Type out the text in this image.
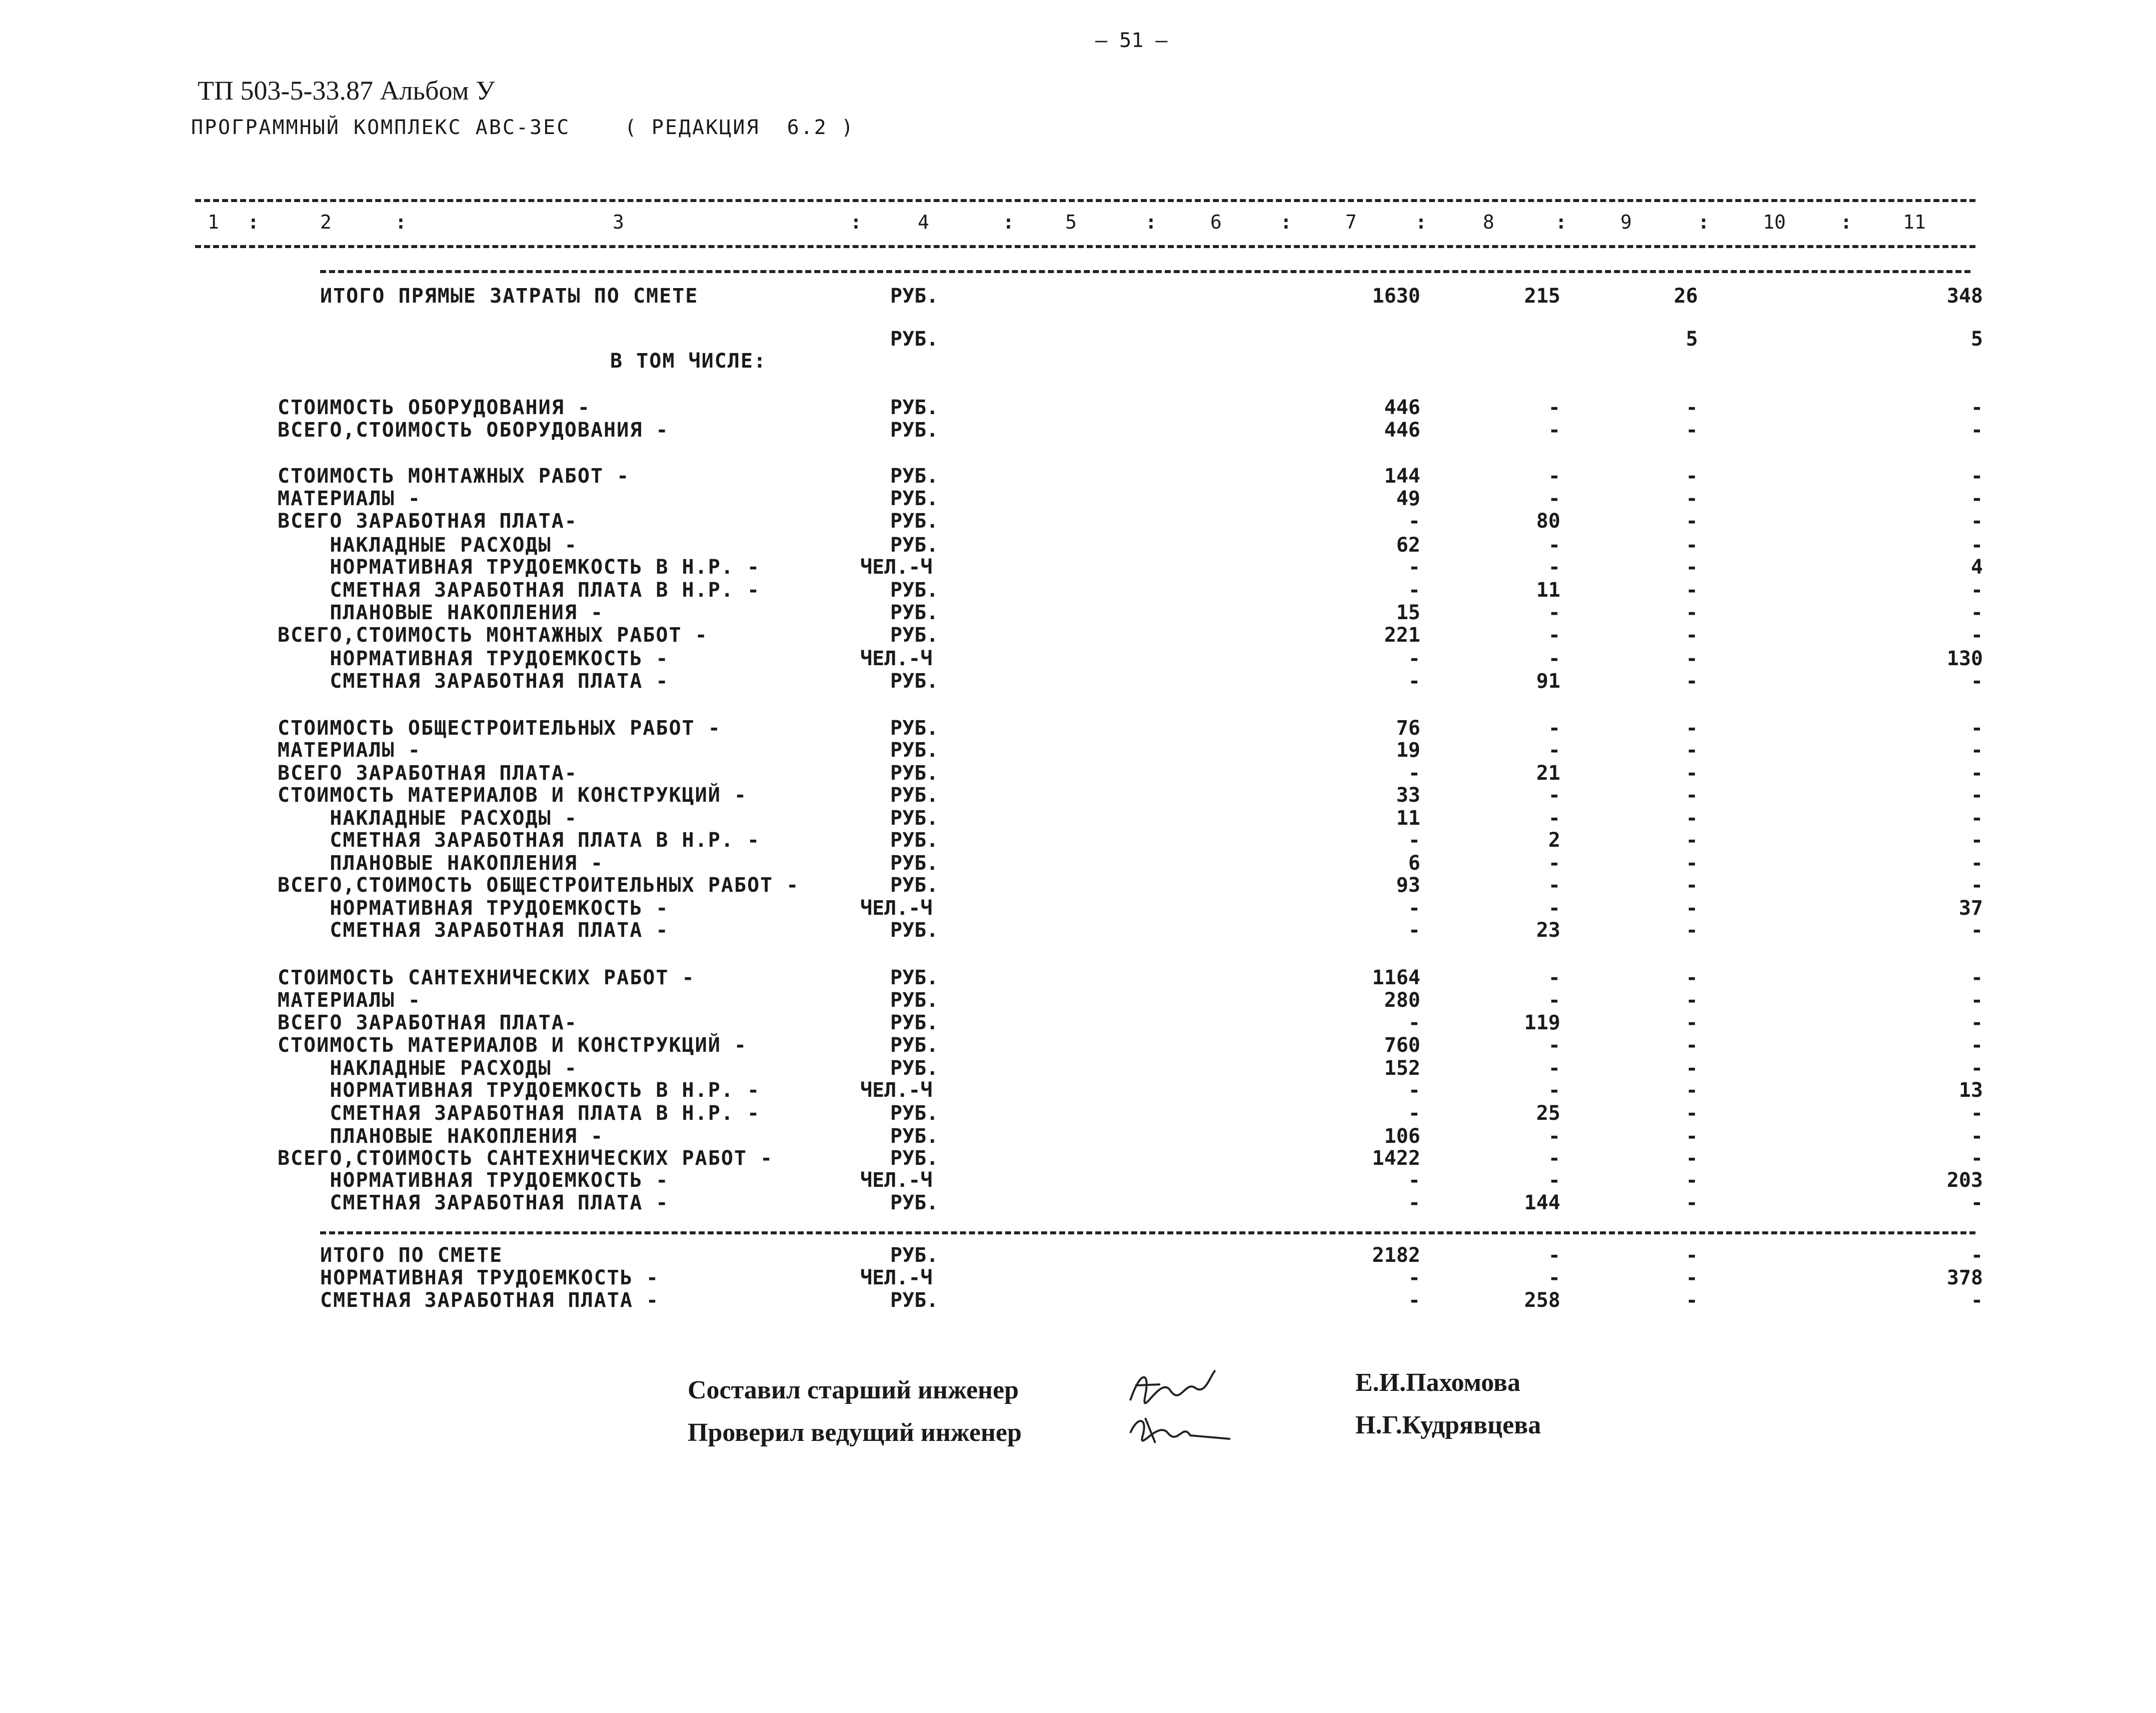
— 51 —
ТП 503-5-33.87 Альбом У
ПРОГРАММНЫЙ КОМПЛЕКС АВС-3ЕС    ( РЕДАКЦИЯ  6.2 )
1	2	3	4	5	6	7	8	9	10	11
:	:	:	:	:	:	:	:	:	:
ИТОГО ПРЯМЫЕ ЗАТРАТЫ ПО СМЕТЕ	РУБ.	1630	215	26	348
РУБ.	5	5
В ТОМ ЧИСЛЕ:
СТОИМОСТЬ ОБОРУДОВАНИЯ -	РУБ.	446	-	-	-
ВСЕГО,СТОИМОСТЬ ОБОРУДОВАНИЯ -	РУБ.	446	-	-	-
СТОИМОСТЬ МОНТАЖНЫХ РАБОТ -	РУБ.	144	-	-	-
МАТЕРИАЛЫ -	РУБ.	49	-	-	-
ВСЕГО ЗАРАБОТНАЯ ПЛАТА-	РУБ.	-	80	-	-
НАКЛАДНЫЕ РАСХОДЫ -	РУБ.	62	-	-	-
НОРМАТИВНАЯ ТРУДОЕМКОСТЬ В Н.Р. -	ЧЕЛ.-Ч	-	-	-	4
СМЕТНАЯ ЗАРАБОТНАЯ ПЛАТА В Н.Р. -	РУБ.	-	11	-	-
ПЛАНОВЫЕ НАКОПЛЕНИЯ -	РУБ.	15	-	-	-
ВСЕГО,СТОИМОСТЬ МОНТАЖНЫХ РАБОТ -	РУБ.	221	-	-	-
НОРМАТИВНАЯ ТРУДОЕМКОСТЬ -	ЧЕЛ.-Ч	-	-	-	130
СМЕТНАЯ ЗАРАБОТНАЯ ПЛАТА -	РУБ.	-	91	-	-
СТОИМОСТЬ ОБЩЕСТРОИТЕЛЬНЫХ РАБОТ -	РУБ.	76	-	-	-
МАТЕРИАЛЫ -	РУБ.	19	-	-	-
ВСЕГО ЗАРАБОТНАЯ ПЛАТА-	РУБ.	-	21	-	-
СТОИМОСТЬ МАТЕРИАЛОВ И КОНСТРУКЦИЙ -	РУБ.	33	-	-	-
НАКЛАДНЫЕ РАСХОДЫ -	РУБ.	11	-	-	-
СМЕТНАЯ ЗАРАБОТНАЯ ПЛАТА В Н.Р. -	РУБ.	-	2	-	-
ПЛАНОВЫЕ НАКОПЛЕНИЯ -	РУБ.	6	-	-	-
ВСЕГО,СТОИМОСТЬ ОБЩЕСТРОИТЕЛЬНЫХ РАБОТ -	РУБ.	93	-	-	-
НОРМАТИВНАЯ ТРУДОЕМКОСТЬ -	ЧЕЛ.-Ч	-	-	-	37
СМЕТНАЯ ЗАРАБОТНАЯ ПЛАТА -	РУБ.	-	23	-	-
СТОИМОСТЬ САНТЕХНИЧЕСКИХ РАБОТ -	РУБ.	1164	-	-	-
МАТЕРИАЛЫ -	РУБ.	280	-	-	-
ВСЕГО ЗАРАБОТНАЯ ПЛАТА-	РУБ.	-	119	-	-
СТОИМОСТЬ МАТЕРИАЛОВ И КОНСТРУКЦИЙ -	РУБ.	760	-	-	-
НАКЛАДНЫЕ РАСХОДЫ -	РУБ.	152	-	-	-
НОРМАТИВНАЯ ТРУДОЕМКОСТЬ В Н.Р. -	ЧЕЛ.-Ч	-	-	-	13
СМЕТНАЯ ЗАРАБОТНАЯ ПЛАТА В Н.Р. -	РУБ.	-	25	-	-
ПЛАНОВЫЕ НАКОПЛЕНИЯ -	РУБ.	106	-	-	-
ВСЕГО,СТОИМОСТЬ САНТЕХНИЧЕСКИХ РАБОТ -	РУБ.	1422	-	-	-
НОРМАТИВНАЯ ТРУДОЕМКОСТЬ -	ЧЕЛ.-Ч	-	-	-	203
СМЕТНАЯ ЗАРАБОТНАЯ ПЛАТА -	РУБ.	-	144	-	-
ИТОГО ПО СМЕТЕ	РУБ.	2182	-	-	-
НОРМАТИВНАЯ ТРУДОЕМКОСТЬ -	ЧЕЛ.-Ч	-	-	-	378
СМЕТНАЯ ЗАРАБОТНАЯ ПЛАТА -	РУБ.	-	258	-	-
Составил старший инженер	Е.И.Пахомова
Проверил ведущий инженер	Н.Г.Кудрявцева
